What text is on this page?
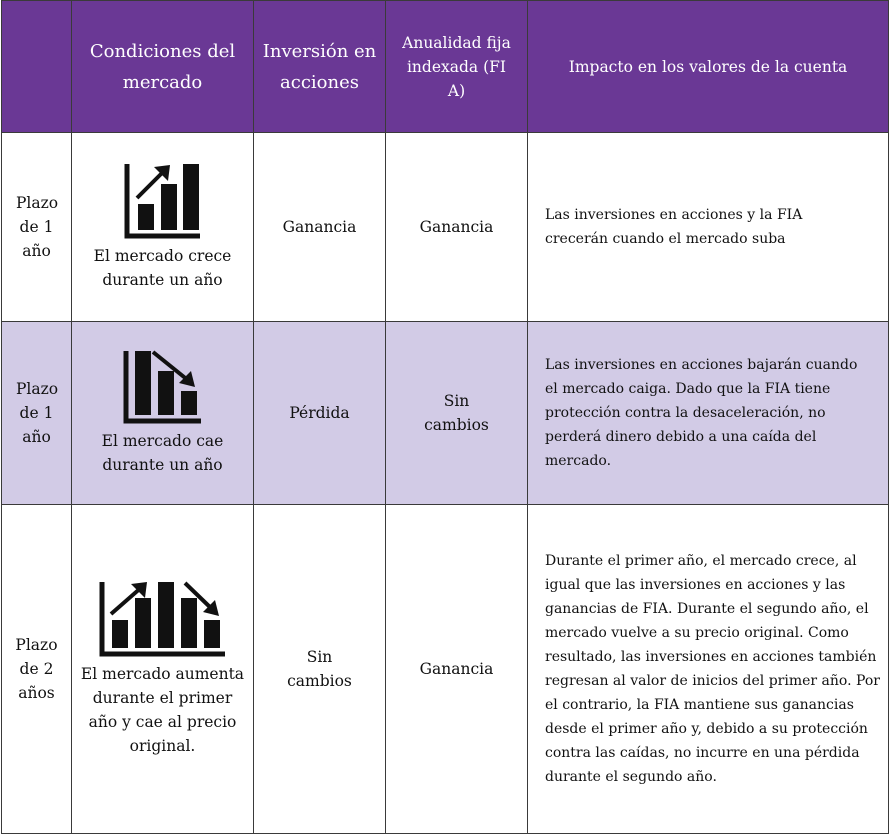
	Condiciones del mercado	Inversión en acciones	Anualidad fija indexada (FIA)	Impacto en los valores de la cuenta
Plazo de 1 año	El mercado crece durante un año	Ganancia	Ganancia	Las inversiones en acciones y la FIA crecerán cuando el mercado suba
Plazo de 1 año	El mercado cae durante un año	Pérdida	Sin cambios	Las inversiones en acciones bajarán cuando el mercado caiga. Dado que la FIA tiene protección contra la desaceleración, no perderá dinero debido a una caída del mercado.
Plazo de 2 años	El mercado aumenta durante el primer año y cae al precio original.	Sin cambios	Ganancia	Durante el primer año, el mercado crece, al igual que las inversiones en acciones y las ganancias de FIA. Durante el segundo año, el mercado vuelve a su precio original. Como resultado, las inversiones en acciones también regresan al valor de inicios del primer año. Por el contrario, la FIA mantiene sus ganancias desde el primer año y, debido a su protección contra las caídas, no incurre en una pérdida durante el segundo año.
